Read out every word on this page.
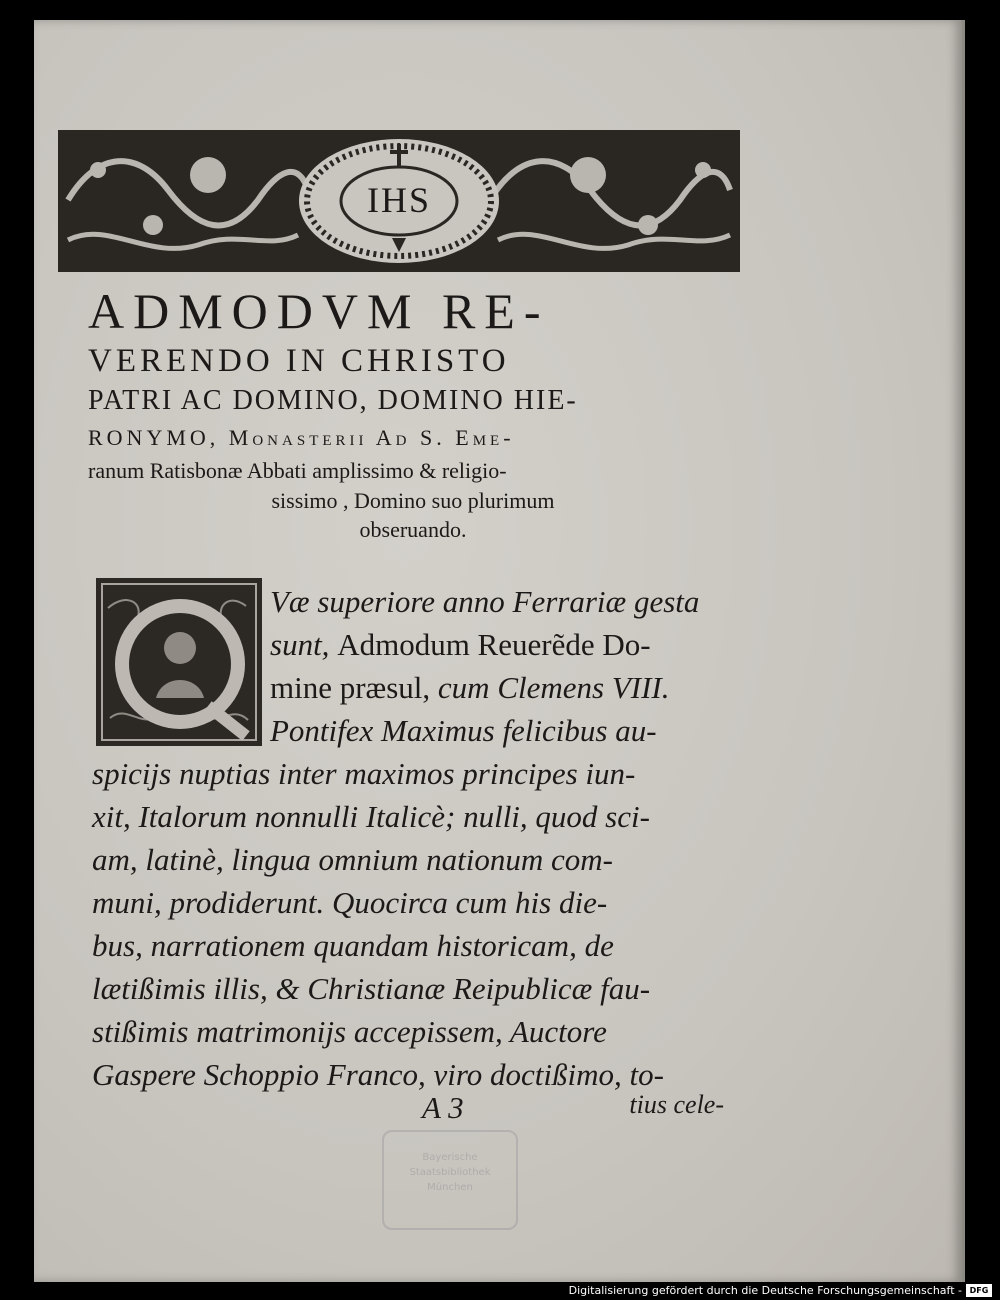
IHS
ADMODVM RE-
VERENDO IN CHRISTO
PATRI AC DOMINO, DOMINO HIE-
RONYMO, Monasterii Ad S. Eme-
ranum Ratisbonæ Abbati amplissimo & religio-
sissimo , Domino suo plurimum
obseruando.
Væ superiore anno Ferrariæ gesta
sunt, Admodum Reuerẽde Do-
mine præsul, cum Clemens VIII.
Pontifex Maximus felicibus au-
spicijs nuptias inter maximos principes iun-
xit, Italorum nonnulli Italicè; nulli, quod sci-
am, latinè, lingua omnium nationum com-
muni, prodiderunt. Quocirca cum his die-
bus, narrationem quandam historicam, de
lætißimis illis, & Christianæ Reipublicæ fau-
stißimis matrimonijs accepissem, Auctore
Gaspere Schoppio Franco, viro doctißimo, to-
A 3	tius cele-
Bayerische
Staatsbibliothek
München
Digitalisierung gefördert durch die Deutsche Forschungsgemeinschaft - DFG
